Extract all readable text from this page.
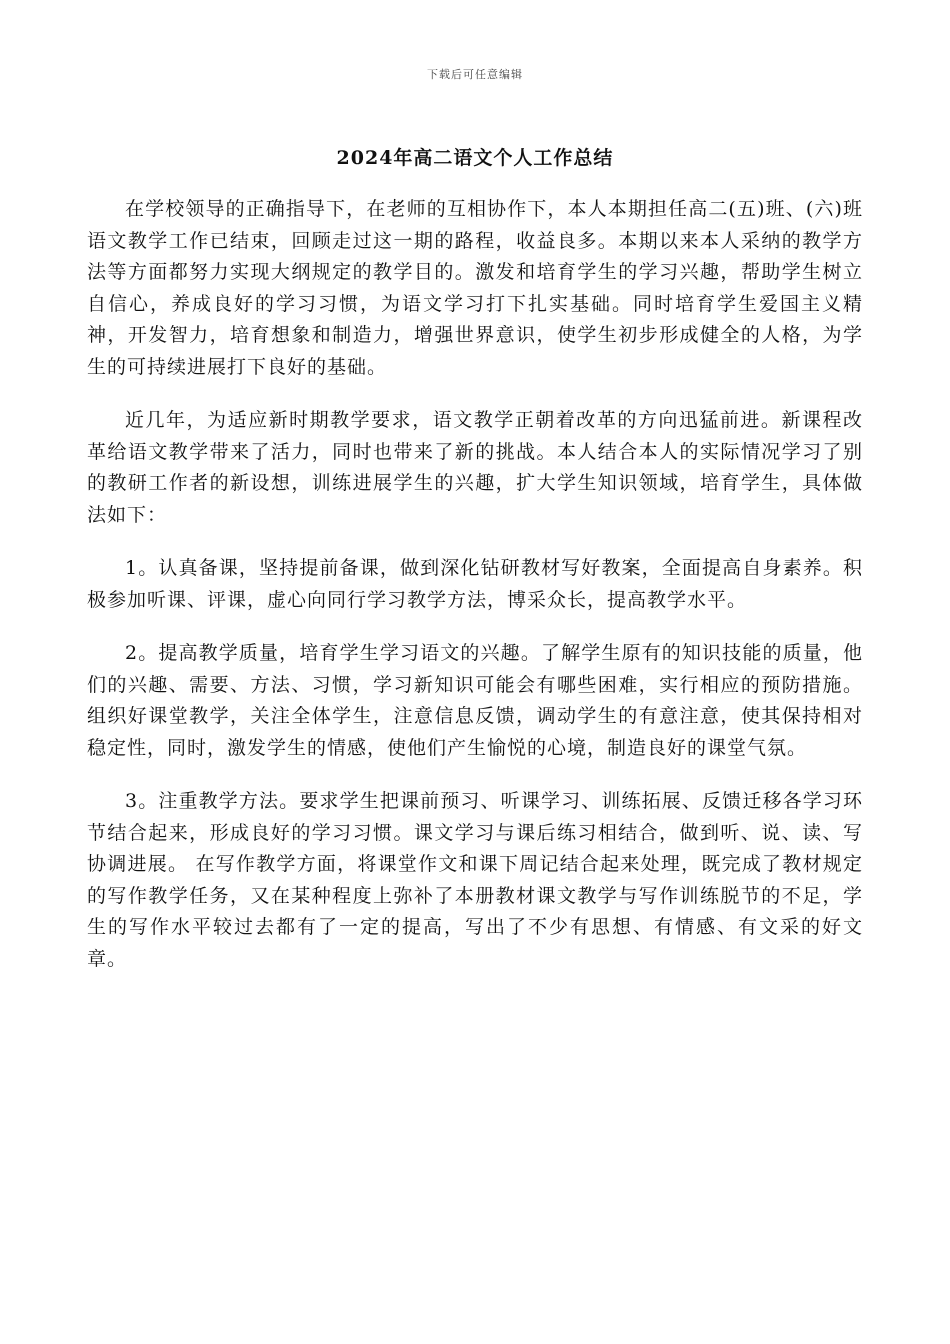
下载后可任意编辑
2024年高二语文个人工作总结

在学校领导的正确指导下，在老师的互相协作下，本人本期担任高二(五)班、(六)班语文教学工作已结束，回顾走过这一期的路程，收益良多。本期以来本人采纳的教学方法等方面都努力实现大纲规定的教学目的。激发和培育学生的学习兴趣，帮助学生树立自信心，养成良好的学习习惯，为语文学习打下扎实基础。同时培育学生爱国主义精神，开发智力，培育想象和制造力，增强世界意识，使学生初步形成健全的人格，为学生的可持续进展打下良好的基础。

近几年，为适应新时期教学要求，语文教学正朝着改革的方向迅猛前进。新课程改革给语文教学带来了活力，同时也带来了新的挑战。本人结合本人的实际情况学习了别的教研工作者的新设想，训练进展学生的兴趣，扩大学生知识领域，培育学生，具体做法如下：

1。认真备课，坚持提前备课，做到深化钻研教材写好教案，全面提高自身素养。积极参加听课、评课，虚心向同行学习教学方法，博采众长，提高教学水平。

2。提高教学质量，培育学生学习语文的兴趣。了解学生原有的知识技能的质量，他们的兴趣、需要、方法、习惯，学习新知识可能会有哪些困难，实行相应的预防措施。组织好课堂教学，关注全体学生，注意信息反馈，调动学生的有意注意，使其保持相对稳定性，同时，激发学生的情感，使他们产生愉悦的心境，制造良好的课堂气氛。

3。注重教学方法。要求学生把课前预习、听课学习、训练拓展、反馈迁移各学习环节结合起来，形成良好的学习习惯。课文学习与课后练习相结合，做到听、说、读、写协调进展。 在写作教学方面，将课堂作文和课下周记结合起来处理，既完成了教材规定的写作教学任务，又在某种程度上弥补了本册教材课文教学与写作训练脱节的不足，学生的写作水平较过去都有了一定的提高，写出了不少有思想、有情感、有文采的好文章。
